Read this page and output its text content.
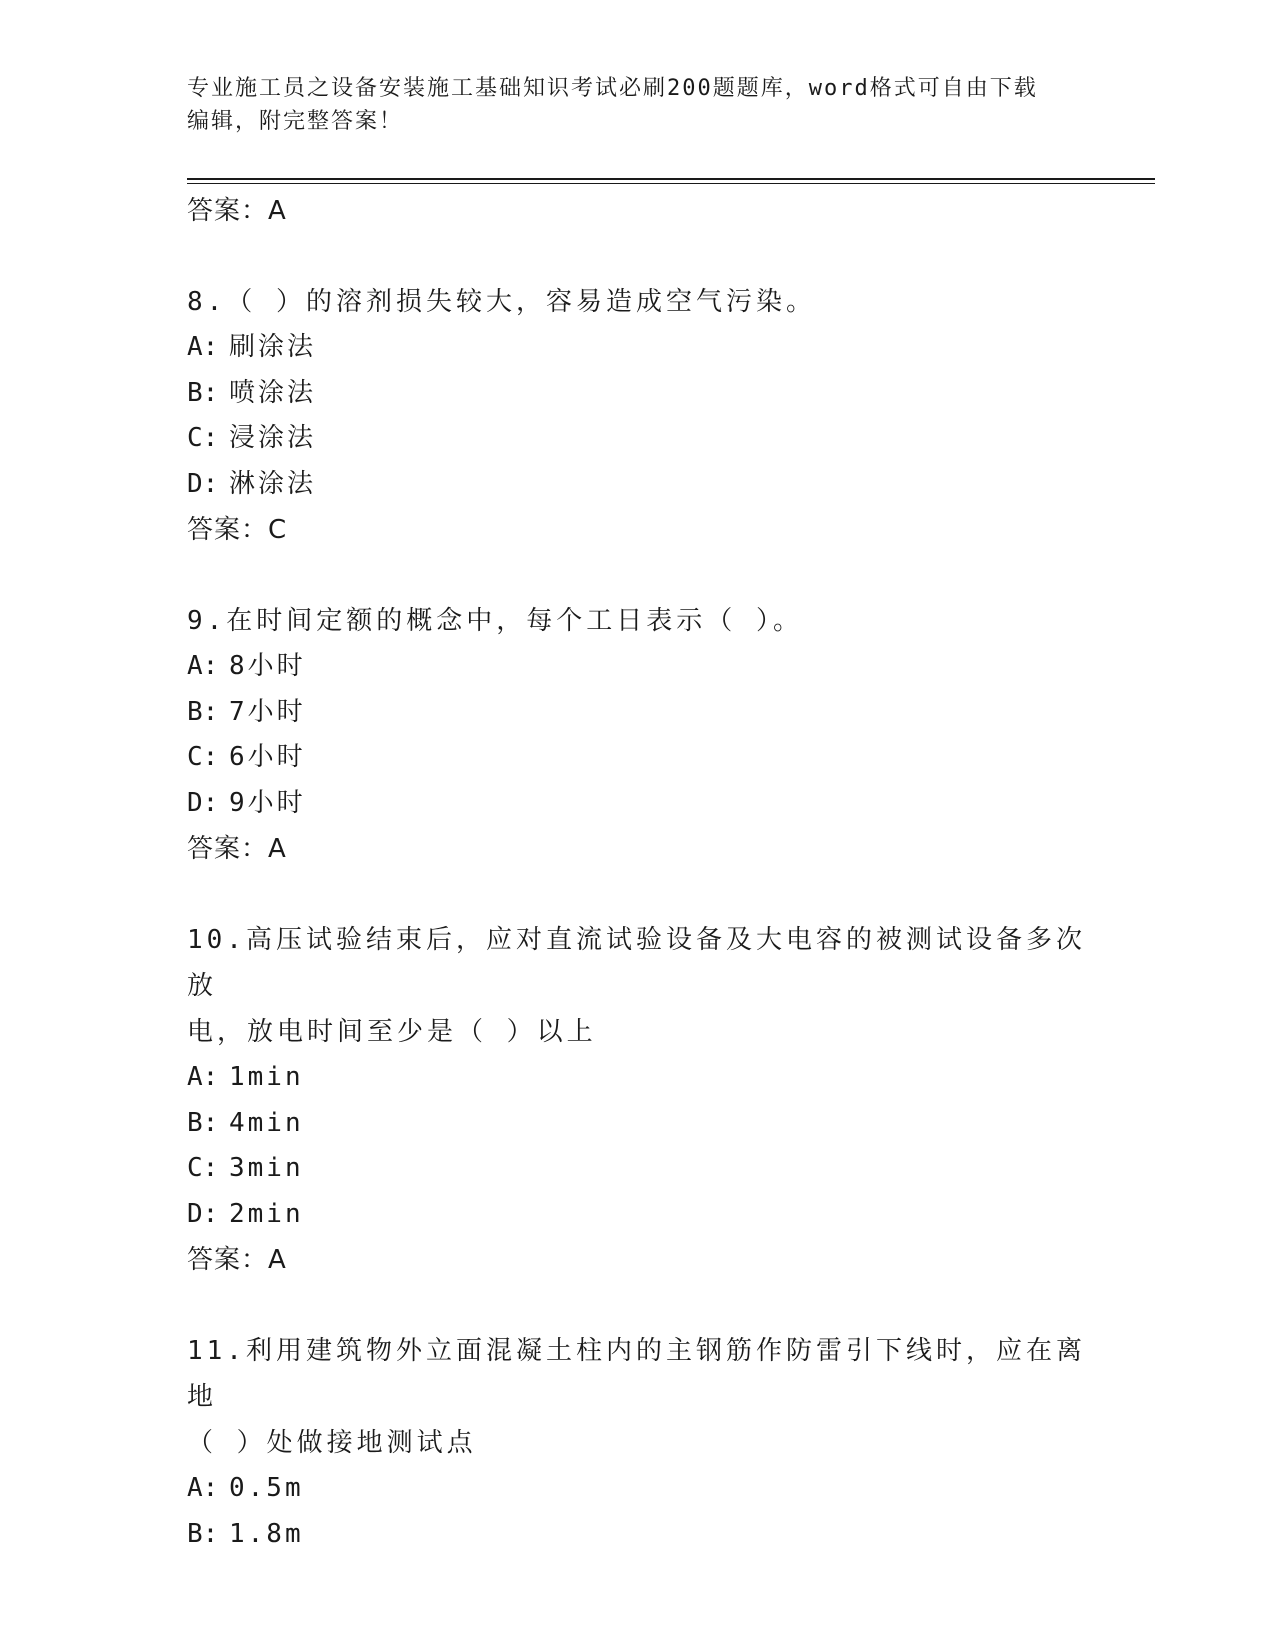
专业施工员之设备安装施工基础知识考试必刷200题题库，word格式可自由下载
编辑，附完整答案！
答案：A
8.（ ）的溶剂损失较大，容易造成空气污染。
A: 刷涂法
B: 喷涂法
C: 浸涂法
D: 淋涂法
答案：C
9.在时间定额的概念中，每个工日表示（ ）。
A: 8小时
B: 7小时
C: 6小时
D: 9小时
答案：A
10.高压试验结束后，应对直流试验设备及大电容的被测试设备多次放
电，放电时间至少是（ ）以上
A: 1min
B: 4min
C: 3min
D: 2min
答案：A
11.利用建筑物外立面混凝土柱内的主钢筋作防雷引下线时，应在离地
（ ）处做接地测试点
A: 0.5m
B: 1.8m
